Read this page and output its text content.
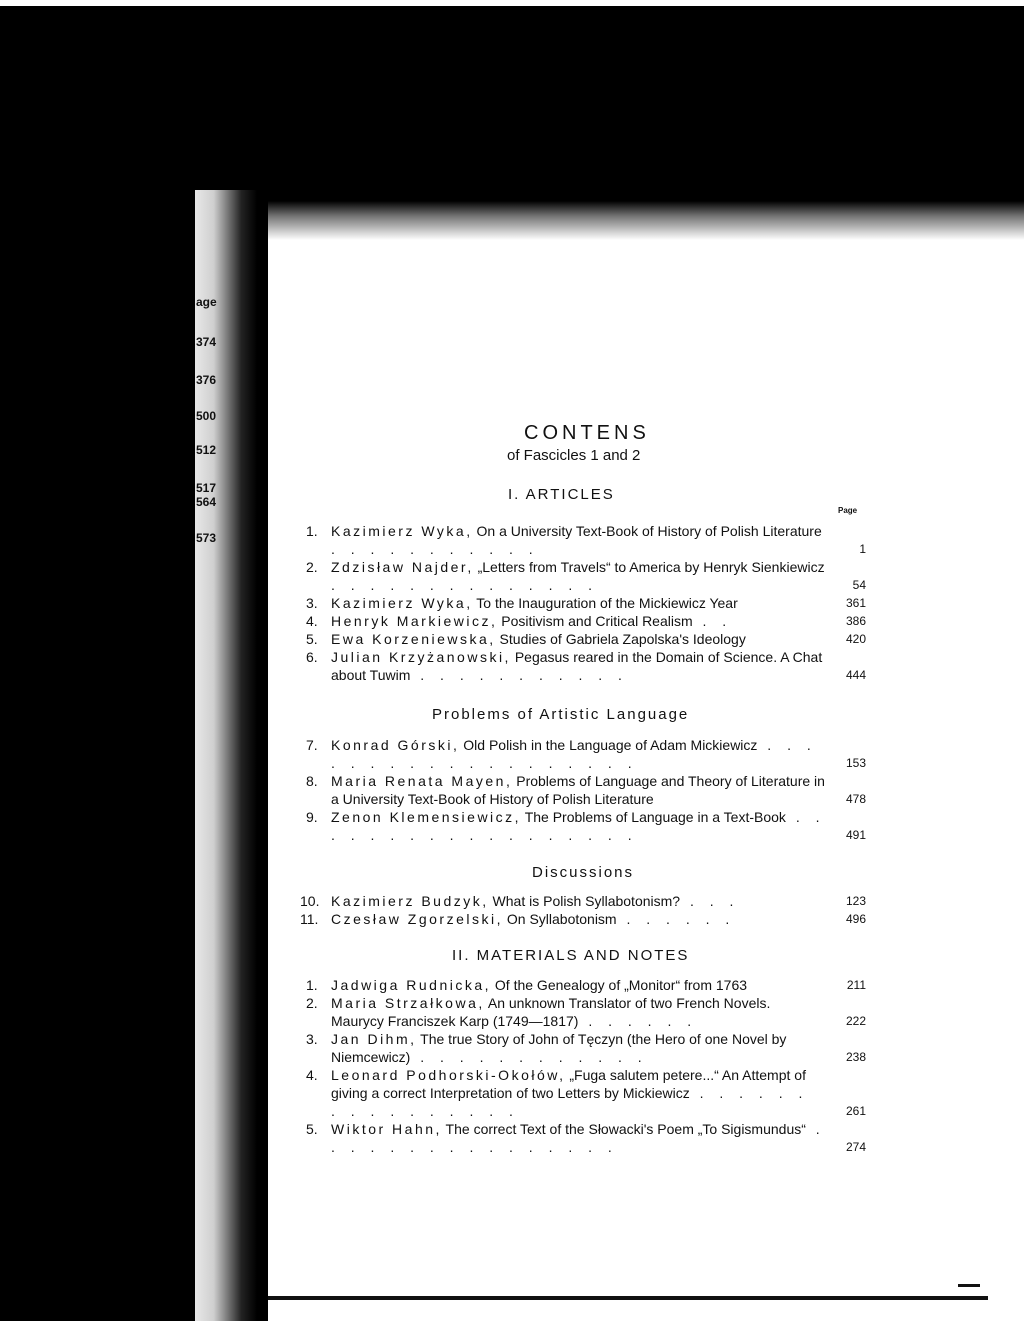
age
374
376
500
512
517
564
573
CONTENS
of Fascicles 1 and 2
I. ARTICLES
Page
1. Kazimierz Wyka, On a University Text-Book of History of Polish Literature . . . . . . . . . . .	1
2. Zdzisław Najder, „Letters from Travels“ to America by Henryk Sienkiewicz . . . . . . . . . . . . . .	54
3. Kazimierz Wyka, To the Inauguration of the Mickiewicz Year	361
4. Henryk Markiewicz, Positivism and Critical Realism . .	386
5. Ewa Korzeniewska, Studies of Gabriela Zapolska's Ideology	420
6. Julian Krzyżanowski, Pegasus reared in the Domain of Science. A Chat about Tuwim . . . . . . . . . . .	444
Problems of Artistic Language
7. Konrad Górski, Old Polish in the Language of Adam Mickiewicz . . . . . . . . . . . . . . . . . . .	153
8. Maria Renata Mayen, Problems of Language and Theory of Literature in a University Text-Book of History of Polish Literature	478
9. Zenon Klemensiewicz, The Problems of Language in a Text-Book . . . . . . . . . . . . . . . . . .	491
Discussions
10. Kazimierz Budzyk, What is Polish Syllabotonism? . . .	123
11. Czesław Zgorzelski, On Syllabotonism . . . . . .	496
II. MATERIALS AND NOTES
1. Jadwiga Rudnicka, Of the Genealogy of „Monitor“ from 1763	211
2. Maria Strzałkowa, An unknown Translator of two French Novels. Maurycy Franciszek Karp (1749—1817) . . . . . .	222
3. Jan Dihm, The true Story of John of Tęczyn (the Hero of one Novel by Niemcewicz) . . . . . . . . . . . .	238
4. Leonard Podhorski-Okołów, „Fuga salutem petere...“ An Attempt of giving a correct Interpretation of two Letters by Mickiewicz . . . . . . . . . . . . . . . .	261
5. Wiktor Hahn, The correct Text of the Słowacki's Poem „To Sigismundus“ . . . . . . . . . . . . . . . .	274
